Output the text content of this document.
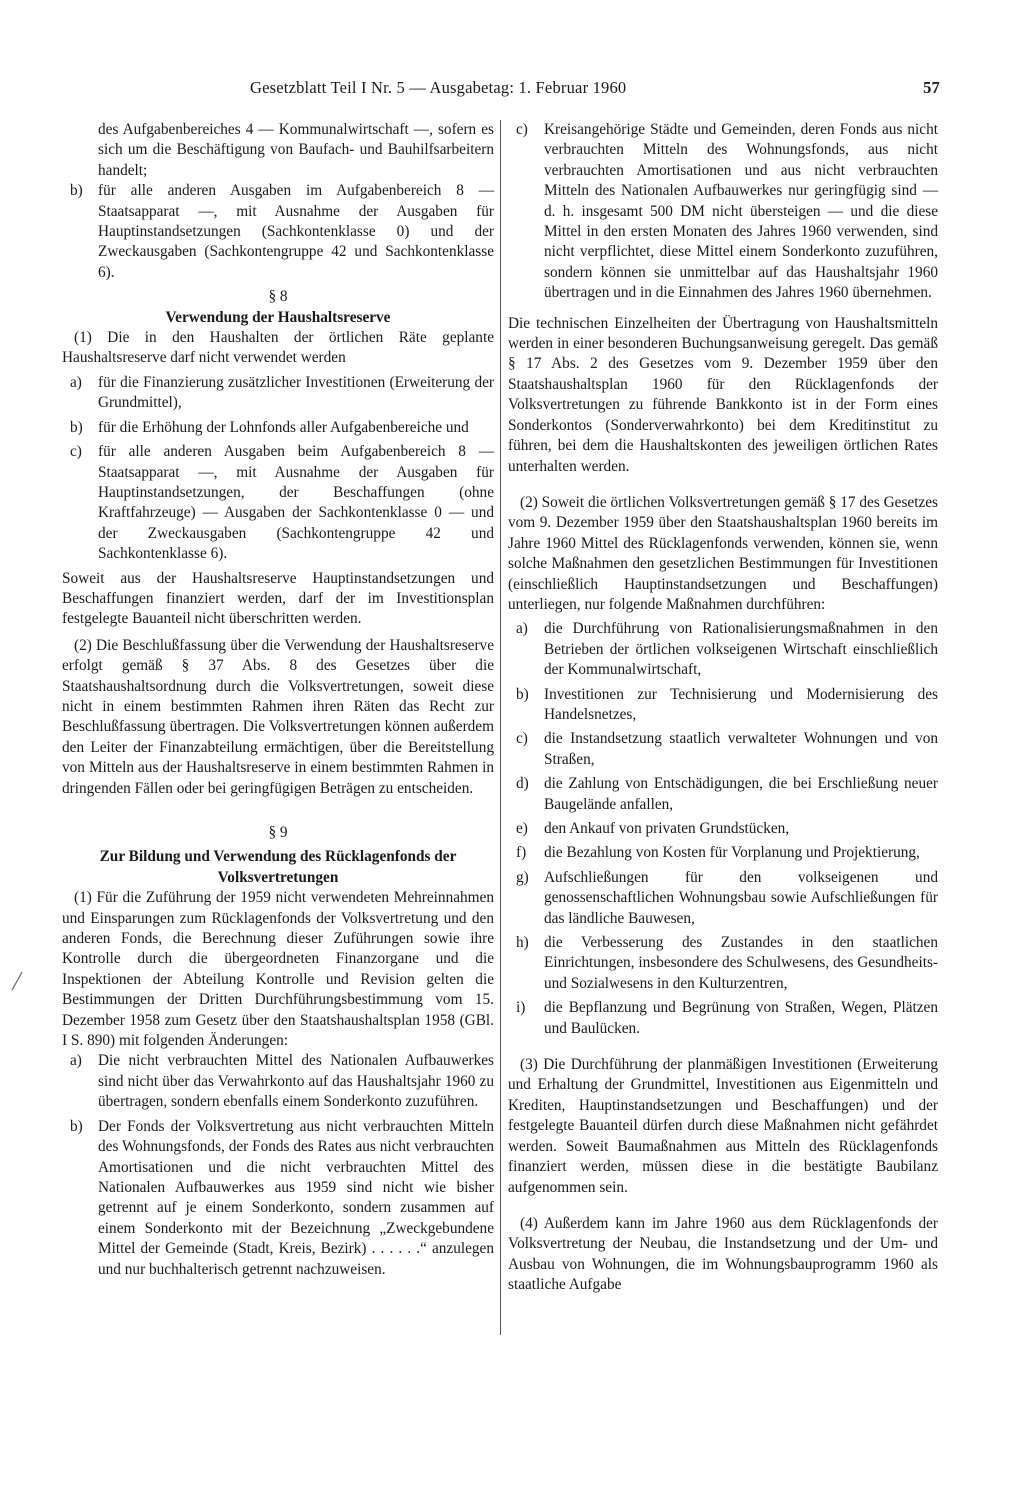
Gesetzblatt Teil I Nr. 5 — Ausgabetag: 1. Februar 1960	57

des Aufgabenbereiches 4 — Kommunalwirtschaft —, sofern es sich um die Beschäftigung von Baufach- und Bauhilfsarbeitern handelt;

b) für alle anderen Ausgaben im Aufgabenbereich 8 — Staatsapparat —, mit Ausnahme der Ausgaben für Hauptinstandsetzungen (Sachkontenklasse 0) und der Zweckausgaben (Sachkontengruppe 42 und Sachkontenklasse 6).

§ 8

Verwendung der Haushaltsreserve

(1) Die in den Haushalten der örtlichen Räte geplante Haushaltsreserve darf nicht verwendet werden

a)	für die Finanzierung zusätzlicher Investitionen (Erweiterung der Grundmittel),
b) für die Erhöhung der Lohnfonds aller Aufgabenbereiche und
c)	für alle anderen Ausgaben beim Aufgabenbereich 8 — Staatsapparat —, mit Ausnahme der Ausgaben für Hauptinstandsetzungen, der Beschaffungen (ohne Kraftfahrzeuge) — Ausgaben der Sachkontenklasse 0 — und der Zweckausgaben (Sachkontengruppe 42 und Sachkontenklasse 6).

Soweit aus der Haushaltsreserve Hauptinstandsetzungen und Beschaffungen finanziert werden, darf der im Investitionsplan festgelegte Bauanteil nicht überschritten werden.

(2) Die Beschlußfassung über die Verwendung der Haushaltsreserve erfolgt gemäß § 37 Abs. 8 des Gesetzes über die Staatshaushaltsordnung durch die Volksvertretungen, soweit diese nicht in einem bestimmten Rahmen ihren Räten das Recht zur Beschlußfassung übertragen. Die Volksvertretungen können außerdem den Leiter der Finanzabteilung ermächtigen, über die Bereitstellung von Mitteln aus der Haushaltsreserve in einem bestimmten Rahmen in dringenden Fällen oder bei geringfügigen Beträgen zu entscheiden.

§ 9

Zur Bildung und Verwendung des Rücklagenfonds der Volksvertretungen

(1) Für die Zuführung der 1959 nicht verwendeten Mehreinnahmen und Einsparungen zum Rücklagenfonds der Volksvertretung und den anderen Fonds, die Berechnung dieser Zuführungen sowie ihre Kontrolle durch die übergeordneten Finanzorgane und die Inspektionen der Abteilung Kontrolle und Revision gelten die Bestimmungen der Dritten Durchführungsbestimmung vom 15. Dezember 1958 zum Gesetz über den Staatshaushaltsplan 1958 (GBl. I S. 890) mit folgenden Änderungen:

a)	Die nicht verbrauchten Mittel des Nationalen Aufbauwerkes sind nicht über das Verwahrkonto auf das Haushaltsjahr 1960 zu übertragen, sondern ebenfalls einem Sonderkonto zuzuführen.
b) Der Fonds der Volksvertretung aus nicht verbrauchten Mitteln des Wohnungsfonds, der Fonds des Rates aus nicht verbrauchten Amortisationen und die nicht verbrauchten Mittel des Nationalen Aufbauwerkes aus 1959 sind nicht wie bisher getrennt auf je einem Sonderkonto, sondern zusammen auf einem Sonderkonto mit der Bezeichnung „Zweckgebundene Mittel der Gemeinde (Stadt, Kreis, Bezirk) . . . . . .“ anzulegen und nur buchhalterisch getrennt nachzuweisen.
c)	Kreisangehörige Städte und Gemeinden, deren Fonds aus nicht verbrauchten Mitteln des Wohnungsfonds, aus nicht verbrauchten Amortisationen und aus nicht verbrauchten Mitteln des Nationalen Aufbauwerkes nur geringfügig sind — d. h. insgesamt 500 DM nicht übersteigen — und die diese Mittel in den ersten Monaten des Jahres 1960 verwenden, sind nicht verpflichtet, diese Mittel einem Sonderkonto zuzuführen, sondern können sie unmittelbar auf das Haushaltsjahr 1960 übertragen und in die Einnahmen des Jahres 1960 übernehmen.

Die technischen Einzelheiten der Übertragung von Haushaltsmitteln werden in einer besonderen Buchungsanweisung geregelt. Das gemäß § 17 Abs. 2 des Gesetzes vom 9. Dezember 1959 über den Staatshaushaltsplan 1960 für den Rücklagenfonds der Volksvertretungen zu führende Bankkonto ist in der Form eines Sonderkontos (Sonderverwahrkonto) bei dem Kreditinstitut zu führen, bei dem die Haushaltskonten des jeweiligen örtlichen Rates unterhalten werden.

(2) Soweit die örtlichen Volksvertretungen gemäß § 17 des Gesetzes vom 9. Dezember 1959 über den Staatshaushaltsplan 1960 bereits im Jahre 1960 Mittel des Rücklagenfonds verwenden, können sie, wenn solche Maßnahmen den gesetzlichen Bestimmungen für Investitionen (einschließlich Hauptinstandsetzungen und Beschaffungen) unterliegen, nur folgende Maßnahmen durchführen:

a)	die Durchführung von Rationalisierungsmaßnahmen in den Betrieben der örtlichen volkseigenen Wirtschaft einschließlich der Kommunalwirtschaft,
b) Investitionen zur Technisierung und Modernisierung des Handelsnetzes,
c)	die Instandsetzung staatlich verwalteter Wohnungen und von Straßen,
d) die Zahlung von Entschädigungen, die bei Erschließung neuer Baugelände anfallen,
e)	den Ankauf von privaten Grundstücken,
f)	die Bezahlung von Kosten für Vorplanung und Projektierung,
g) Aufschließungen für den volkseigenen und genossenschaftlichen Wohnungsbau sowie Aufschließungen für das ländliche Bauwesen,
h) die Verbesserung des Zustandes in den staatlichen Einrichtungen, insbesondere des Schulwesens, des Gesundheits- und Sozialwesens in den Kulturzentren,
i)	die Bepflanzung und Begrünung von Straßen, Wegen, Plätzen und Baulücken.

(3) Die Durchführung der planmäßigen Investitionen (Erweiterung und Erhaltung der Grundmittel, Investitionen aus Eigenmitteln und Krediten, Hauptinstandsetzungen und Beschaffungen) und der festgelegte Bauanteil dürfen durch diese Maßnahmen nicht gefährdet werden. Soweit Baumaßnahmen aus Mitteln des Rücklagenfonds finanziert werden, müssen diese in die bestätigte Baubilanz aufgenommen sein.

(4) Außerdem kann im Jahre 1960 aus dem Rücklagenfonds der Volksvertretung der Neubau, die Instandsetzung und der Um- und Ausbau von Wohnungen, die im Wohnungsbauprogramm 1960 als staatliche Aufgabe
